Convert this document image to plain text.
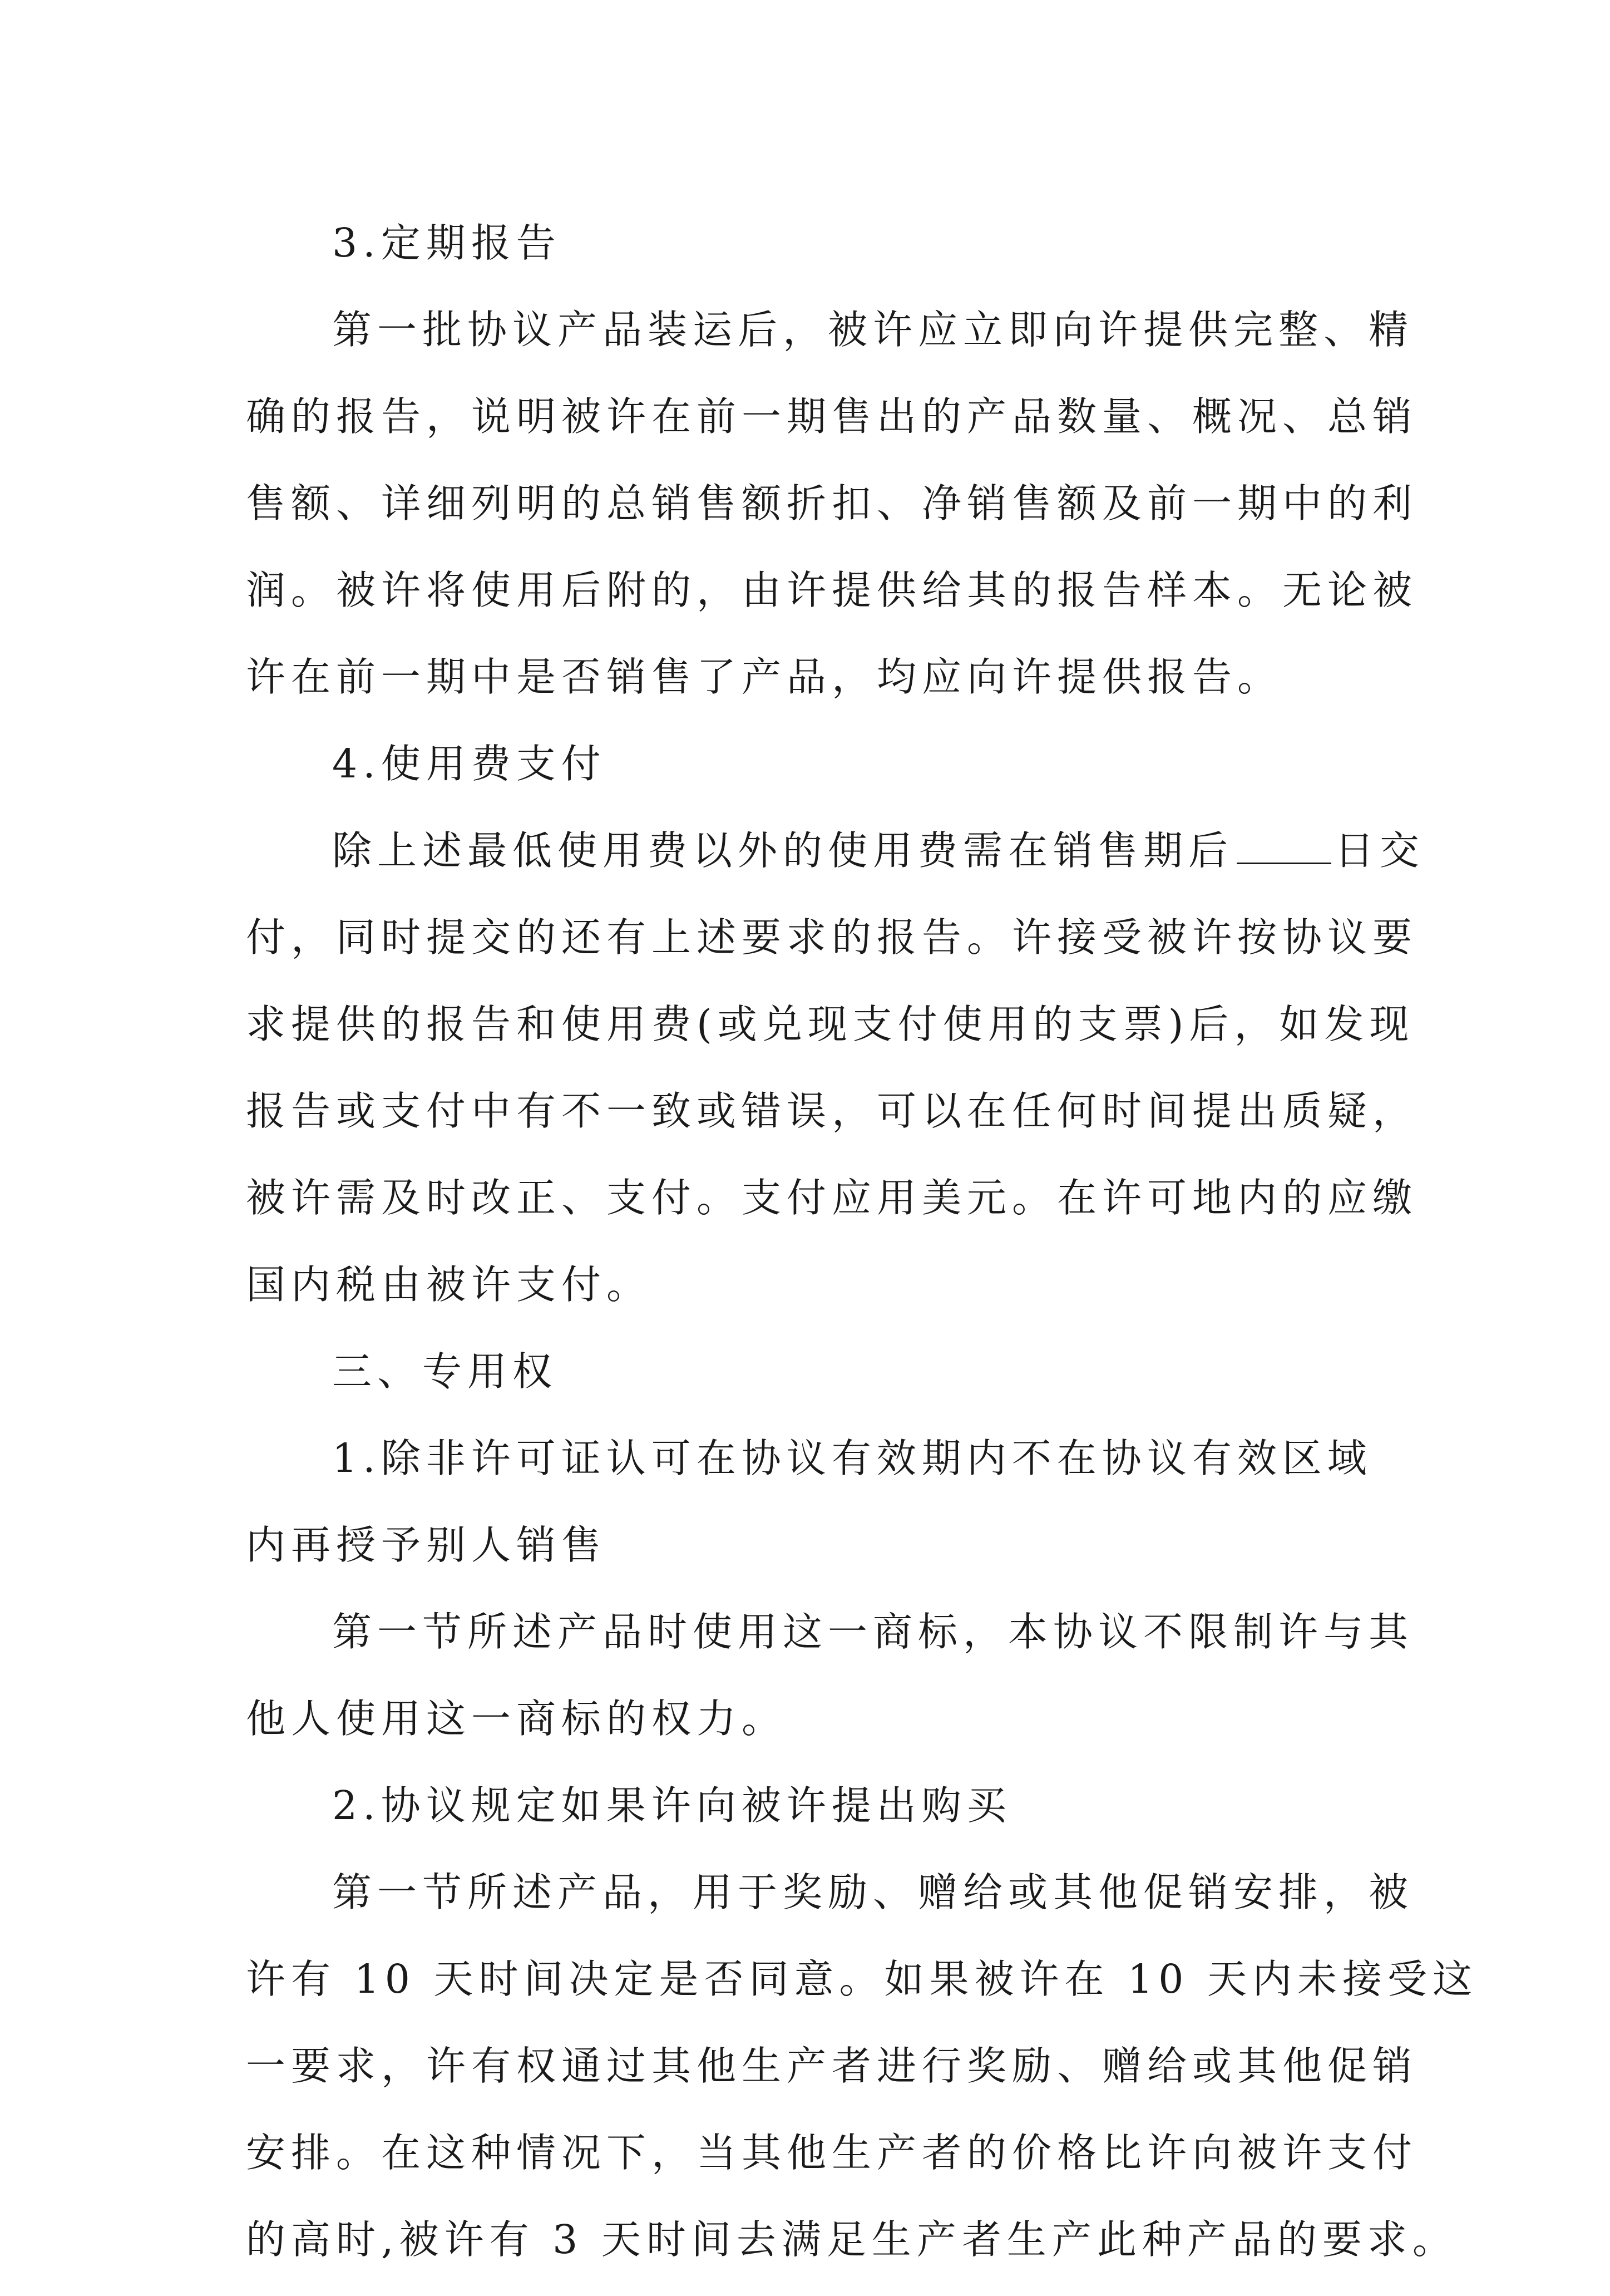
3.定期报告
第一批协议产品装运后，被许应立即向许提供完整、精
确的报告，说明被许在前一期售出的产品数量、概况、总销
售额、详细列明的总销售额折扣、净销售额及前一期中的利
润。被许将使用后附的，由许提供给其的报告样本。无论被
许在前一期中是否销售了产品，均应向许提供报告。
4.使用费支付
除上述最低使用费以外的使用费需在销售期后	日交
付，同时提交的还有上述要求的报告。许接受被许按协议要
求提供的报告和使用费(或兑现支付使用的支票)后，如发现
报告或支付中有不一致或错误，可以在任何时间提出质疑，
被许需及时改正、支付。支付应用美元。在许可地内的应缴
国内税由被许支付。
三、专用权
1.除非许可证认可在协议有效期内不在协议有效区域
内再授予别人销售
第一节所述产品时使用这一商标，本协议不限制许与其
他人使用这一商标的权力。
2.协议规定如果许向被许提出购买
第一节所述产品，用于奖励、赠给或其他促销安排，被
许有 10 天时间决定是否同意。如果被许在 10 天内未接受这
一要求，许有权通过其他生产者进行奖励、赠给或其他促销
安排。在这种情况下，当其他生产者的价格比许向被许支付
的高时,被许有 3 天时间去满足生产者生产此种产品的要求。
